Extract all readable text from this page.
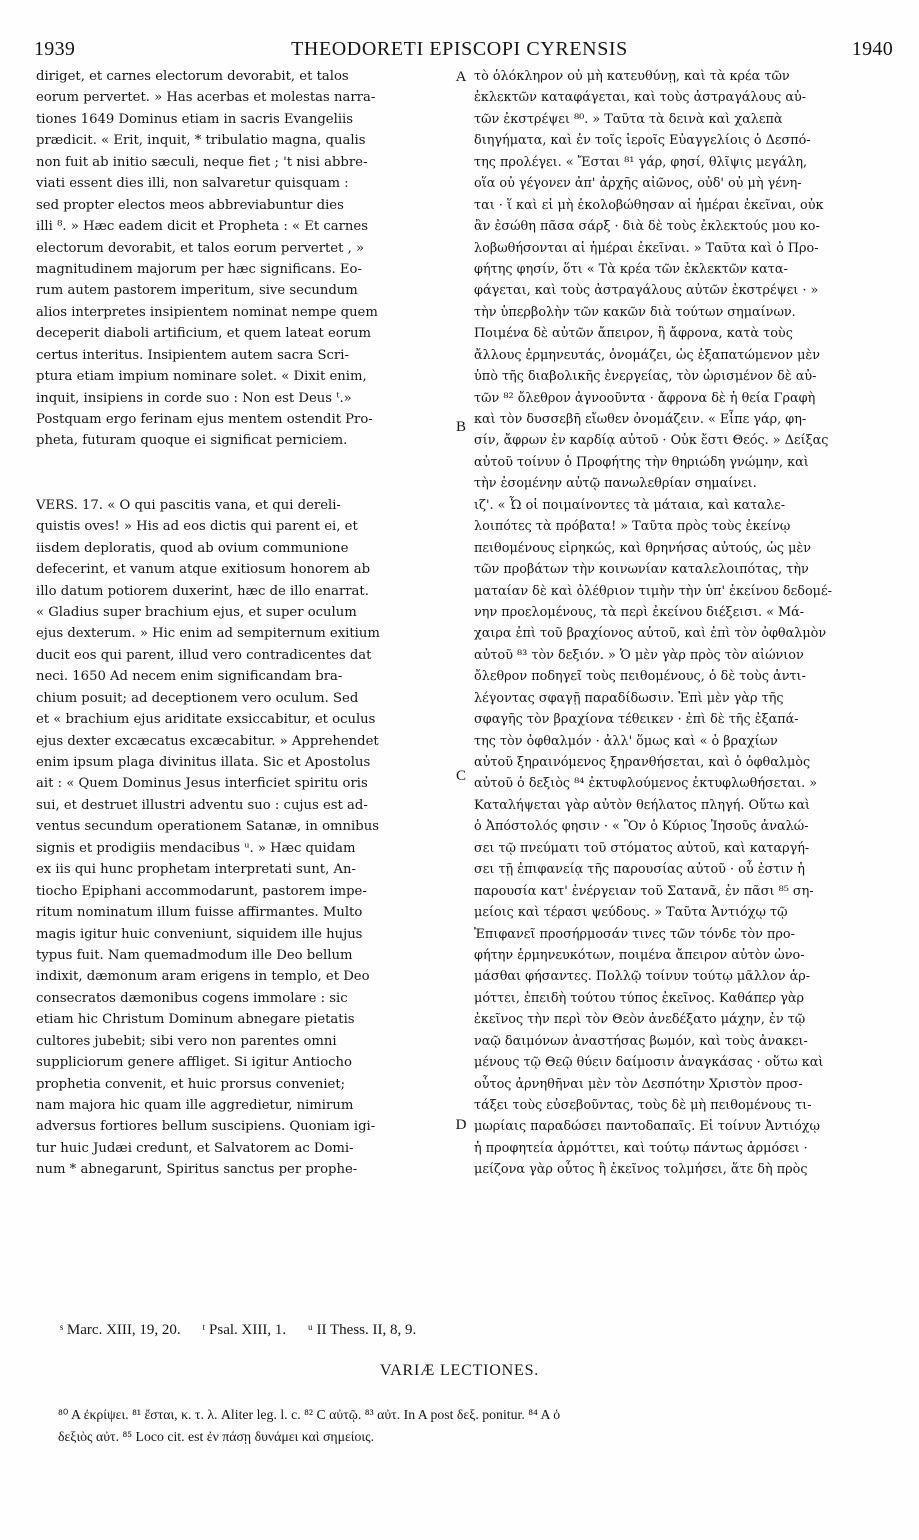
THEODORETI EPISCOPI CYRENSIS
1939	1940
diriget, et carnes electorum devorabit, et talos
eorum pervertet. » Has acerbas et molestas narra-
tiones 1649 Dominus etiam in sacris Evangeliis
prædicit. « Erit, inquit, * tribulatio magna, qualis
non fuit ab initio sæculi, neque fiet ; 't nisi abbre-
viati essent dies illi, non salvaretur quisquam :
sed propter electos meos abbreviabuntur dies
illi ⁸. » Hæc eadem dicit et Propheta : « Et carnes
electorum devorabit, et talos eorum pervertet , »
magnitudinem majorum per hæc significans. Eo-
rum autem pastorem imperitum, sive secundum
alios interpretes insipientem nominat nempe quem
deceperit diaboli artificium, et quem lateat eorum
certus interitus. Insipientem autem sacra Scri-
ptura etiam impium nominare solet. « Dixit enim,
inquit, insipiens in corde suo : Non est Deus ᵗ.»
Postquam ergo ferinam ejus mentem ostendit Pro-
pheta, futuram quoque ei significat perniciem.
VERS. 17. « O qui pascitis vana, et qui dereli-
quistis oves! » His ad eos dictis qui parent ei, et
iisdem deploratis, quod ab ovium communione
defecerint, et vanum atque exitiosum honorem ab
illo datum potiorem duxerint, hæc de illo enarrat.
« Gladius super brachium ejus, et super oculum
ejus dexterum. » Hic enim ad sempiternum exitium
ducit eos qui parent, illud vero contradicentes dat
neci. 1650 Ad necem enim significandam bra-
chium posuit; ad deceptionem vero oculum. Sed
et « brachium ejus ariditate exsiccabitur, et oculus
ejus dexter excæcatus excæcabitur. » Apprehendet
enim ipsum plaga divinitus illata. Sic et Apostolus
ait : « Quem Dominus Jesus interficiet spiritu oris
sui, et destruet illustri adventu suo : cujus est ad-
ventus secundum operationem Satanæ, in omnibus
signis et prodigiis mendacibus ᵘ. » Hæc quidam
ex iis qui hunc prophetam interpretati sunt, An-
tiocho Epiphani accommodarunt, pastorem impe-
ritum nominatum illum fuisse affirmantes. Multo
magis igitur huic conveniunt, siquidem ille hujus
typus fuit. Nam quemadmodum ille Deo bellum
indixit, dæmonum aram erigens in templo, et Deo
consecratos dæmonibus cogens immolare : sic
etiam hic Christum Dominum abnegare pietatis
cultores jubebit; sibi vero non parentes omni
suppliciorum genere affliget. Si igitur Antiocho
prophetia convenit, et huic prorsus conveniet;
nam majora hic quam ille aggredietur, nimirum
adversus fortiores bellum suscipiens. Quoniam igi-
tur huic Judæi credunt, et Salvatorem ac Domi-
num * abnegarunt, Spiritus sanctus per prophe-
A
B
C
D
τὸ ὁλόκληρον οὐ μὴ κατευθύνῃ, καὶ τὰ κρέα τῶν
ἐκλεκτῶν καταφάγεται, καὶ τοὺς ἀστραγάλους αὐ-
τῶν ἐκστρέψει ⁸⁰. » Ταῦτα τὰ δεινὰ καὶ χαλεπὰ
διηγήματα, καὶ ἐν τοῖς ἱεροῖς Εὐαγγελίοις ὁ Δεσπό-
της προλέγει. « Ἔσται ⁸¹ γάρ, φησί, θλῖψις μεγάλη,
οἵα οὐ γέγονεν ἀπ' ἀρχῆς αἰῶνος, οὐδ' οὐ μὴ γένη-
ται · ἵ καὶ εἰ μὴ ἐκολοβώθησαν αἱ ἡμέραι ἐκεῖναι, οὐκ
ἂν ἐσώθη πᾶσα σάρξ · διὰ δὲ τοὺς ἐκλεκτούς μου κο-
λοβωθήσονται αἱ ἡμέραι ἐκεῖναι. » Ταῦτα καὶ ὁ Προ-
φήτης φησίν, ὅτι « Τὰ κρέα τῶν ἐκλεκτῶν κατα-
φάγεται, καὶ τοὺς ἀστραγάλους αὐτῶν ἐκστρέψει · »
τὴν ὑπερβολὴν τῶν κακῶν διὰ τούτων σημαίνων.
Ποιμένα δὲ αὐτῶν ἄπειρον, ἢ ἄφρονα, κατὰ τοὺς
ἄλλους ἑρμηνευτάς, ὀνομάζει, ὡς ἐξαπατώμενον μὲν
ὑπὸ τῆς διαβολικῆς ἐνεργείας, τὸν ὡρισμένον δὲ αὐ-
τῶν ⁸² ὄλεθρον ἀγνοοῦντα · ἄφρονα δὲ ἡ θεία Γραφὴ
καὶ τὸν δυσσεβῆ εἴωθεν ὀνομάζειν. « Εἶπε γάρ, φη-
σίν, ἄφρων ἐν καρδίᾳ αὐτοῦ · Οὐκ ἔστι Θεός. » Δείξας
αὐτοῦ τοίνυν ὁ Προφήτης τὴν θηριώδη γνώμην, καὶ
τὴν ἐσομένην αὐτῷ πανωλεθρίαν σημαίνει.
ιζ'. « Ὦ οἱ ποιμαίνοντες τὰ μάταια, καὶ καταλε-
λοιπότες τὰ πρόβατα! » Ταῦτα πρὸς τοὺς ἐκείνῳ
πειθομένους εἰρηκώς, καὶ θρηνήσας αὐτούς, ὡς μὲν
τῶν προβάτων τὴν κοινωνίαν καταλελοιπότας, τὴν
ματαίαν δὲ καὶ ὀλέθριον τιμὴν τὴν ὑπ' ἐκείνου δεδομέ-
νην προελομένους, τὰ περὶ ἐκείνου διέξεισι. « Μά-
χαιρα ἐπὶ τοῦ βραχίονος αὐτοῦ, καὶ ἐπὶ τὸν ὀφθαλμὸν
αὐτοῦ ⁸³ τὸν δεξιόν. » Ὁ μὲν γὰρ πρὸς τὸν αἰώνιον
ὄλεθρον ποδηγεῖ τοὺς πειθομένους, ὁ δὲ τοὺς ἀντι-
λέγοντας σφαγῇ παραδίδωσιν. Ἐπὶ μὲν γὰρ τῆς
σφαγῆς τὸν βραχίονα τέθεικεν · ἐπὶ δὲ τῆς ἐξαπά-
της τὸν ὀφθαλμόν · ἀλλ' ὅμως καὶ « ὁ βραχίων
αὐτοῦ ξηραινόμενος ξηρανθήσεται, καὶ ὁ ὀφθαλμὸς
αὐτοῦ ὁ δεξιὸς ⁸⁴ ἐκτυφλούμενος ἐκτυφλωθήσεται. »
Καταλήψεται γὰρ αὐτὸν θεήλατος πληγή. Οὕτω καὶ
ὁ Ἀπόστολός φησιν · « Ὃν ὁ Κύριος Ἰησοῦς ἀναλώ-
σει τῷ πνεύματι τοῦ στόματος αὐτοῦ, καὶ καταργή-
σει τῇ ἐπιφανείᾳ τῆς παρουσίας αὐτοῦ · οὗ ἐστιν ἡ
παρουσία κατ' ἐνέργειαν τοῦ Σατανᾶ, ἐν πᾶσι ⁸⁵ ση-
μείοις καὶ τέρασι ψεύδους. » Ταῦτα Ἀντιόχῳ τῷ
Ἐπιφανεῖ προσήρμοσάν τινες τῶν τόνδε τὸν προ-
φήτην ἑρμηνευκότων, ποιμένα ἄπειρον αὐτὸν ὠνο-
μάσθαι φήσαντες. Πολλῷ τοίνυν τούτῳ μᾶλλον ἁρ-
μόττει, ἐπειδὴ τούτου τύπος ἐκεῖνος. Καθάπερ γὰρ
ἐκεῖνος τὴν περὶ τὸν Θεὸν ἀνεδέξατο μάχην, ἐν τῷ
ναῷ δαιμόνων ἀναστήσας βωμόν, καὶ τοὺς ἀνακει-
μένους τῷ Θεῷ θύειν δαίμοσιν ἀναγκάσας · οὕτω καὶ
οὗτος ἀρνηθῆναι μὲν τὸν Δεσπότην Χριστὸν προσ-
τάξει τοὺς εὐσεβοῦντας, τοὺς δὲ μὴ πειθομένους τι-
μωρίαις παραδώσει παντοδαπαῖς. Εἰ τοίνυν Ἀντιόχῳ
ἡ προφητεία ἁρμόττει, καὶ τούτῳ πάντως ἁρμόσει ·
μείζονα γὰρ οὗτος ἢ ἐκεῖνος τολμήσει, ἅτε δὴ πρὸς
ˢ Marc. XIII, 19, 20. ᵗ Psal. XIII, 1. ᵘ II Thess. II, 8, 9.
VARIÆ LECTIONES.
⁸⁰ A ἐκρίψει. ⁸¹ ἔσται, κ. τ. λ. Aliter leg. l. c. ⁸² C αὐτῷ. ⁸³ αὐτ. In A post δεξ. ponitur. ⁸⁴ A ὁ
δεξιὸς αὐτ. ⁸⁵ Loco cit. est ἐν πάσῃ δυνάμει καὶ σημείοις.
